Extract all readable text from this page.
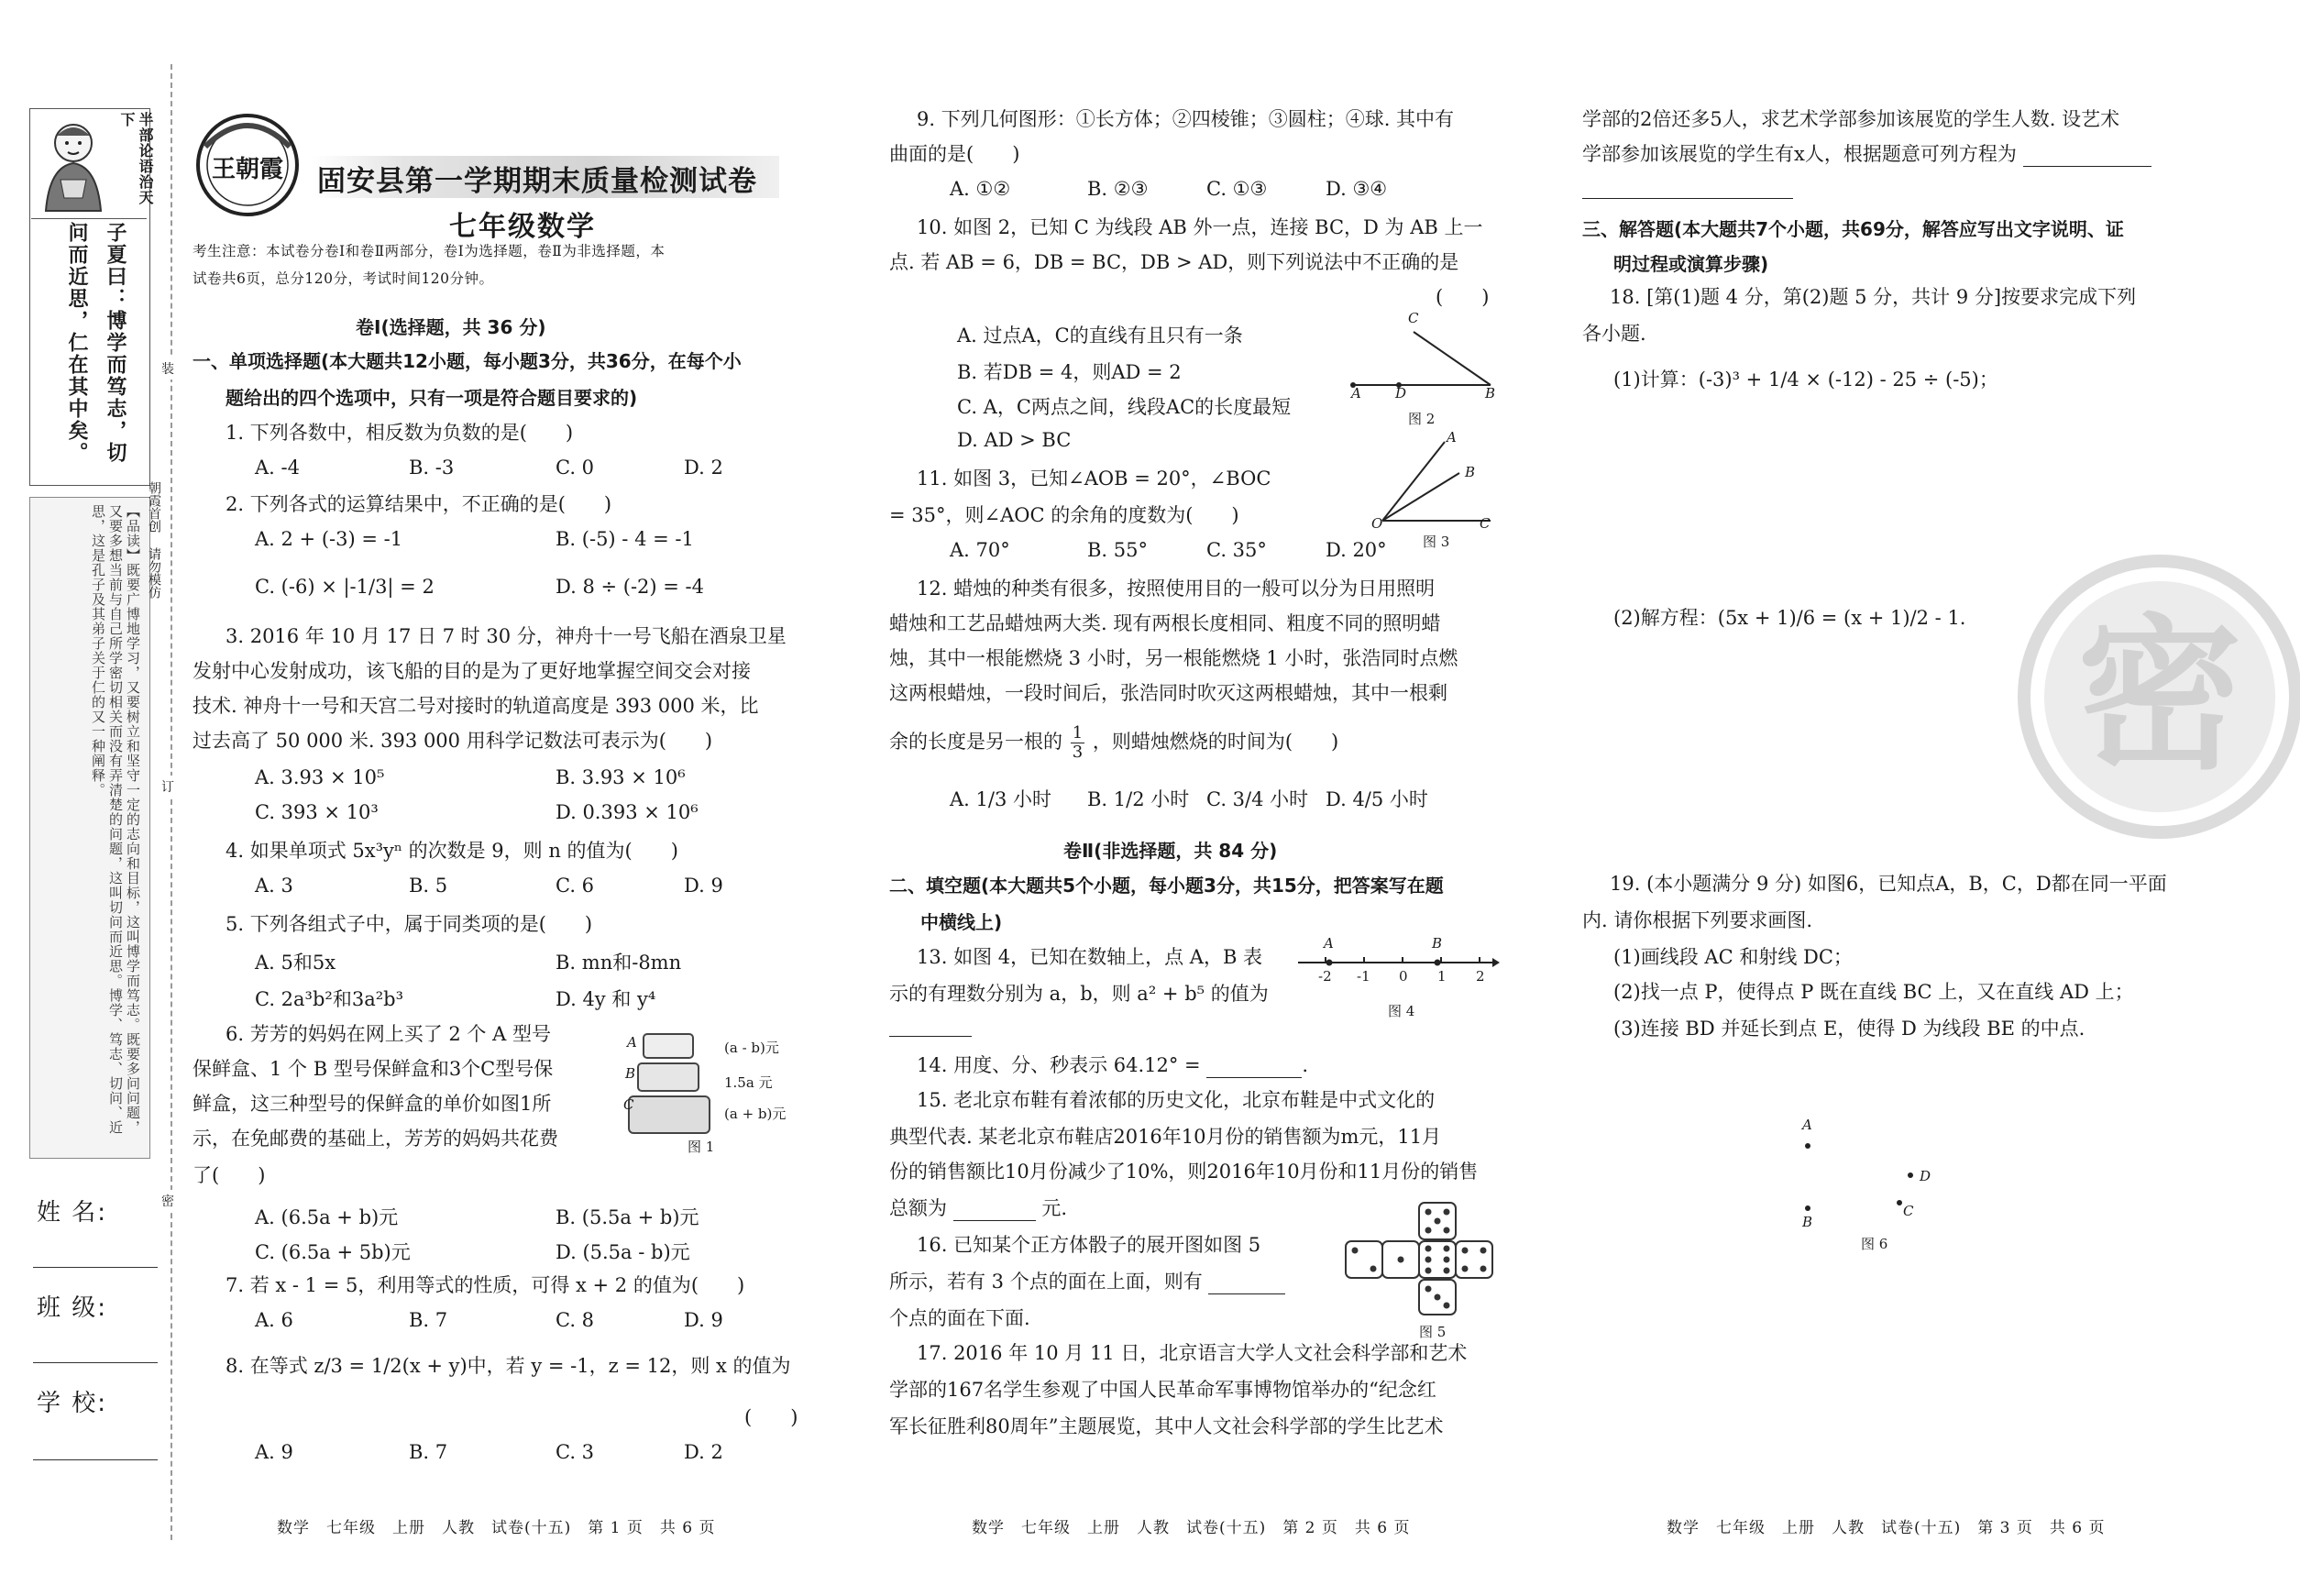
半部论语治天下
子夏曰：博学而笃志，切问而近思，仁在其中矣。
【品读】既要广博地学习，又要树立和坚守一定的志向和目标，这叫博学而笃志。既要多问问题，又要多想当前与自己所学密切相关而没有弄清楚的问题，这叫切问而近思。博学、笃志、切问、近思，这是孔子及其弟子关于仁的又一种阐释。
姓 名:
班 级:
学 校:
装
朝霞首创 请勿模仿
订
密
王朝霞	固安县第一学期期末质量检测试卷
七年级数学
考生注意：本试卷分卷Ⅰ和卷Ⅱ两部分，卷Ⅰ为选择题，卷Ⅱ为非选择题，本
试卷共6页，总分120分，考试时间120分钟。
卷Ⅰ(选择题，共 36 分)
一、单项选择题(本大题共12小题，每小题3分，共36分，在每个小
题给出的四个选项中，只有一项是符合题目要求的)
1. 下列各数中，相反数为负数的是(　　)
A. -4	B. -3	C. 0	D. 2
2. 下列各式的运算结果中，不正确的是(　　)
A. 2 + (-3) = -1	B. (-5) - 4 = -1
C. (-6) × |-1/3| = 2	D. 8 ÷ (-2) = -4
3. 2016 年 10 月 17 日 7 时 30 分，神舟十一号飞船在酒泉卫星
发射中心发射成功，该飞船的目的是为了更好地掌握空间交会对接
技术. 神舟十一号和天宫二号对接时的轨道高度是 393 000 米，比
过去高了 50 000 米. 393 000 用科学记数法可表示为(　　)
A. 3.93 × 10⁵	B. 3.93 × 10⁶
C. 393 × 10³	D. 0.393 × 10⁶
4. 如果单项式 5x³yⁿ 的次数是 9，则 n 的值为(　　)
A. 3	B. 5	C. 6	D. 9
5. 下列各组式子中，属于同类项的是(　　)
A. 5和5x	B. mn和-8mn
C. 2a³b²和3a²b³	D. 4y 和 y⁴
6. 芳芳的妈妈在网上买了 2 个 A 型号
保鲜盒、1 个 B 型号保鲜盒和3个C型号保
鲜盒，这三种型号的保鲜盒的单价如图1所
示，在免邮费的基础上，芳芳的妈妈共花费
了(　　)
A
B
C
(a - b)元
1.5a 元
(a + b)元
图 1
A. (6.5a + b)元	B. (5.5a + b)元
C. (6.5a + 5b)元	D. (5.5a - b)元
7. 若 x - 1 = 5，利用等式的性质，可得 x + 2 的值为(　　)
A. 6	B. 7	C. 8	D. 9
8. 在等式 z/3 = 1/2(x + y)中，若 y = -1，z = 12，则 x 的值为
(　　)
A. 9	B. 7	C. 3	D. 2
数学　七年级　上册　人教　试卷(十五)　第 1 页　共 6 页
9. 下列几何图形：①长方体；②四棱锥；③圆柱；④球. 其中有
曲面的是(　　)
A. ①②	B. ②③	C. ①③	D. ③④
10. 如图 2，已知 C 为线段 AB 外一点，连接 BC，D 为 AB 上一
点. 若 AB = 6，DB = BC，DB > AD，则下列说法中不正确的是
(　　)
A. 过点A，C的直线有且只有一条
B. 若DB = 4，则AD = 2
C. A，C两点之间，线段AC的长度最短
D. AD > BC
C
A D	B
图 2
11. 如图 3，已知∠AOB = 20°，∠BOC
= 35°，则∠AOC 的余角的度数为(　　)
A. 70°	B. 55°	C. 35°	D. 20°
A
B
O	C
图 3
12. 蜡烛的种类有很多，按照使用目的一般可以分为日用照明
蜡烛和工艺品蜡烛两大类. 现有两根长度相同、粗度不同的照明蜡
烛，其中一根能燃烧 3 小时，另一根能燃烧 1 小时，张浩同时点燃
这两根蜡烛，一段时间后，张浩同时吹灭这两根蜡烛，其中一根剩
余的长度是另一根的 $\frac{1}{3}$ ，则蜡烛燃烧的时间为(　　)
A. 1/3 小时 B. 1/2 小时 C. 3/4 小时 D. 4/5 小时
卷Ⅱ(非选择题，共 84 分)
二、填空题(本大题共5个小题，每小题3分，共15分，把答案写在题
中横线上)
13. 如图 4，已知在数轴上，点 A，B 表
示的有理数分别为 a，b，则 a² + b⁵ 的值为
A	B
-2 -1 0 1 2
图 4
14. 用度、分、秒表示 64.12° =	.
15. 老北京布鞋有着浓郁的历史文化，北京布鞋是中式文化的
典型代表. 某老北京布鞋店2016年10月份的销售额为m元，11月
份的销售额比10月份减少了10%，则2016年10月份和11月份的销售
总额为	元.
16. 已知某个正方体骰子的展开图如图 5
所示，若有 3 个点的面在上面，则有
个点的面在下面.
图 5
17. 2016 年 10 月 11 日，北京语言大学人文社会科学部和艺术
学部的167名学生参观了中国人民革命军事博物馆举办的“纪念红
军长征胜利80周年”主题展览，其中人文社会科学部的学生比艺术
数学　七年级　上册　人教　试卷(十五)　第 2 页　共 6 页
密
学部的2倍还多5人，求艺术学部参加该展览的学生人数. 设艺术
学部参加该展览的学生有x人，根据题意可列方程为
三、解答题(本大题共7个小题，共69分，解答应写出文字说明、证
明过程或演算步骤)
18. [第(1)题 4 分，第(2)题 5 分，共计 9 分]按要求完成下列
各小题.
(1)计算：(-3)³ + 1/4 × (-12) - 25 ÷ (-5)；
(2)解方程：(5x + 1)/6 = (x + 1)/2 - 1.
19. (本小题满分 9 分) 如图6，已知点A，B，C，D都在同一平面
内. 请你根据下列要求画图.
(1)画线段 AC 和射线 DC；
(2)找一点 P，使得点 P 既在直线 BC 上，又在直线 AD 上；
(3)连接 BD 并延长到点 E，使得 D 为线段 BE 的中点.
A
D
B
C
图 6
数学　七年级　上册　人教　试卷(十五)　第 3 页　共 6 页
